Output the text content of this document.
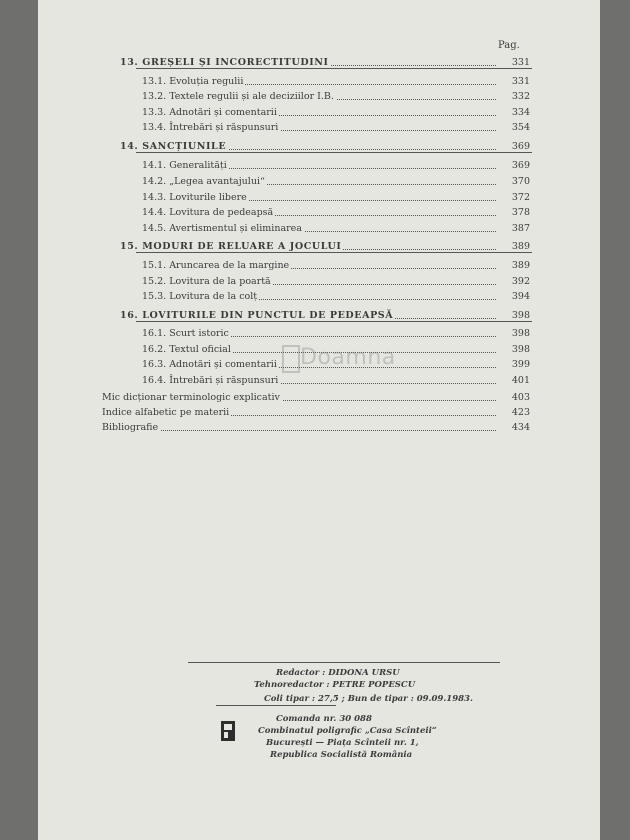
Pag.
13. GREȘELI ȘI INCORECTITUDINI	331
13.1. Evoluția regulii	331
13.2. Textele regulii și ale deciziilor I.B.	332
13.3. Adnotări și comentarii	334
13.4. Întrebări și răspunsuri	354
14. SANCȚIUNILE	369
14.1. Generalități	369
14.2. „Legea avantajului“	370
14.3. Loviturile libere	372
14.4. Lovitura de pedeapsă	378
14.5. Avertismentul și eliminarea	387
15. MODURI DE RELUARE A JOCULUI	389
15.1. Aruncarea de la margine	389
15.2. Lovitura de la poartă	392
15.3. Lovitura de la colț	394
16. LOVITURILE DIN PUNCTUL DE PEDEAPSĂ	398
16.1. Scurt istoric	398
16.2. Textul oficial	398
16.3. Adnotări și comentarii	399
16.4. Întrebări și răspunsuri	401
Mic dicționar terminologic explicativ	403
Indice alfabetic pe materii	423
Bibliografie	434
Doamna
Redactor : DIDONA URSU
Tehnoredactor : PETRE POPESCU
Coli tipar : 27,5 ; Bun de tipar : 09.09.1983.
Comanda nr. 30 088
Combinatul poligrafic „Casa Scînteii“
București — Piața Scînteii nr. 1,
Republica Socialistă România
